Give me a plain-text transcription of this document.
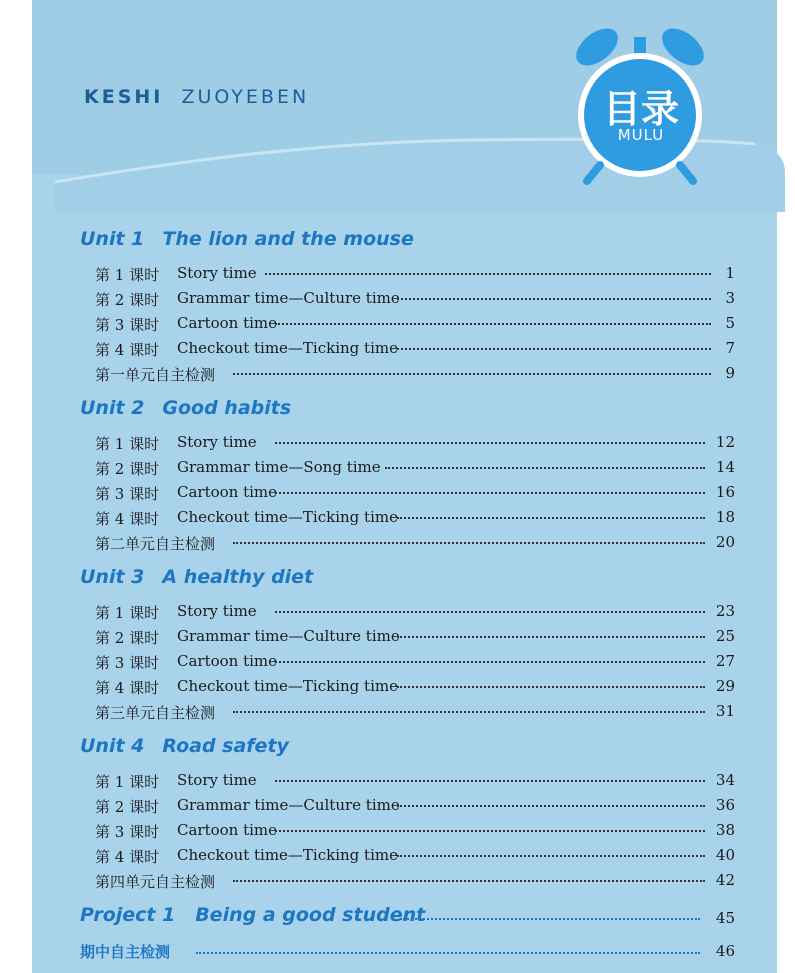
KESHI ZUOYEBEN	目录
MULU
Unit 1 The lion and the mouse
第 1 课时 Story time	1
第 2 课时 Grammar time—Culture time	3
第 3 课时 Cartoon time	5
第 4 课时 Checkout time—Ticking time	7
第一单元自主检测	9
Unit 2 Good habits
第 1 课时 Story time	12
第 2 课时 Grammar time—Song time	14
第 3 课时 Cartoon time	16
第 4 课时 Checkout time—Ticking time	18
第二单元自主检测	20
Unit 3 A healthy diet
第 1 课时 Story time	23
第 2 课时 Grammar time—Culture time	25
第 3 课时 Cartoon time	27
第 4 课时 Checkout time—Ticking time	29
第三单元自主检测	31
Unit 4 Road safety
第 1 课时 Story time	34
第 2 课时 Grammar time—Culture time	36
第 3 课时 Cartoon time	38
第 4 课时 Checkout time—Ticking time	40
第四单元自主检测	42
Project 1 Being a good student	45
期中自主检测	46
